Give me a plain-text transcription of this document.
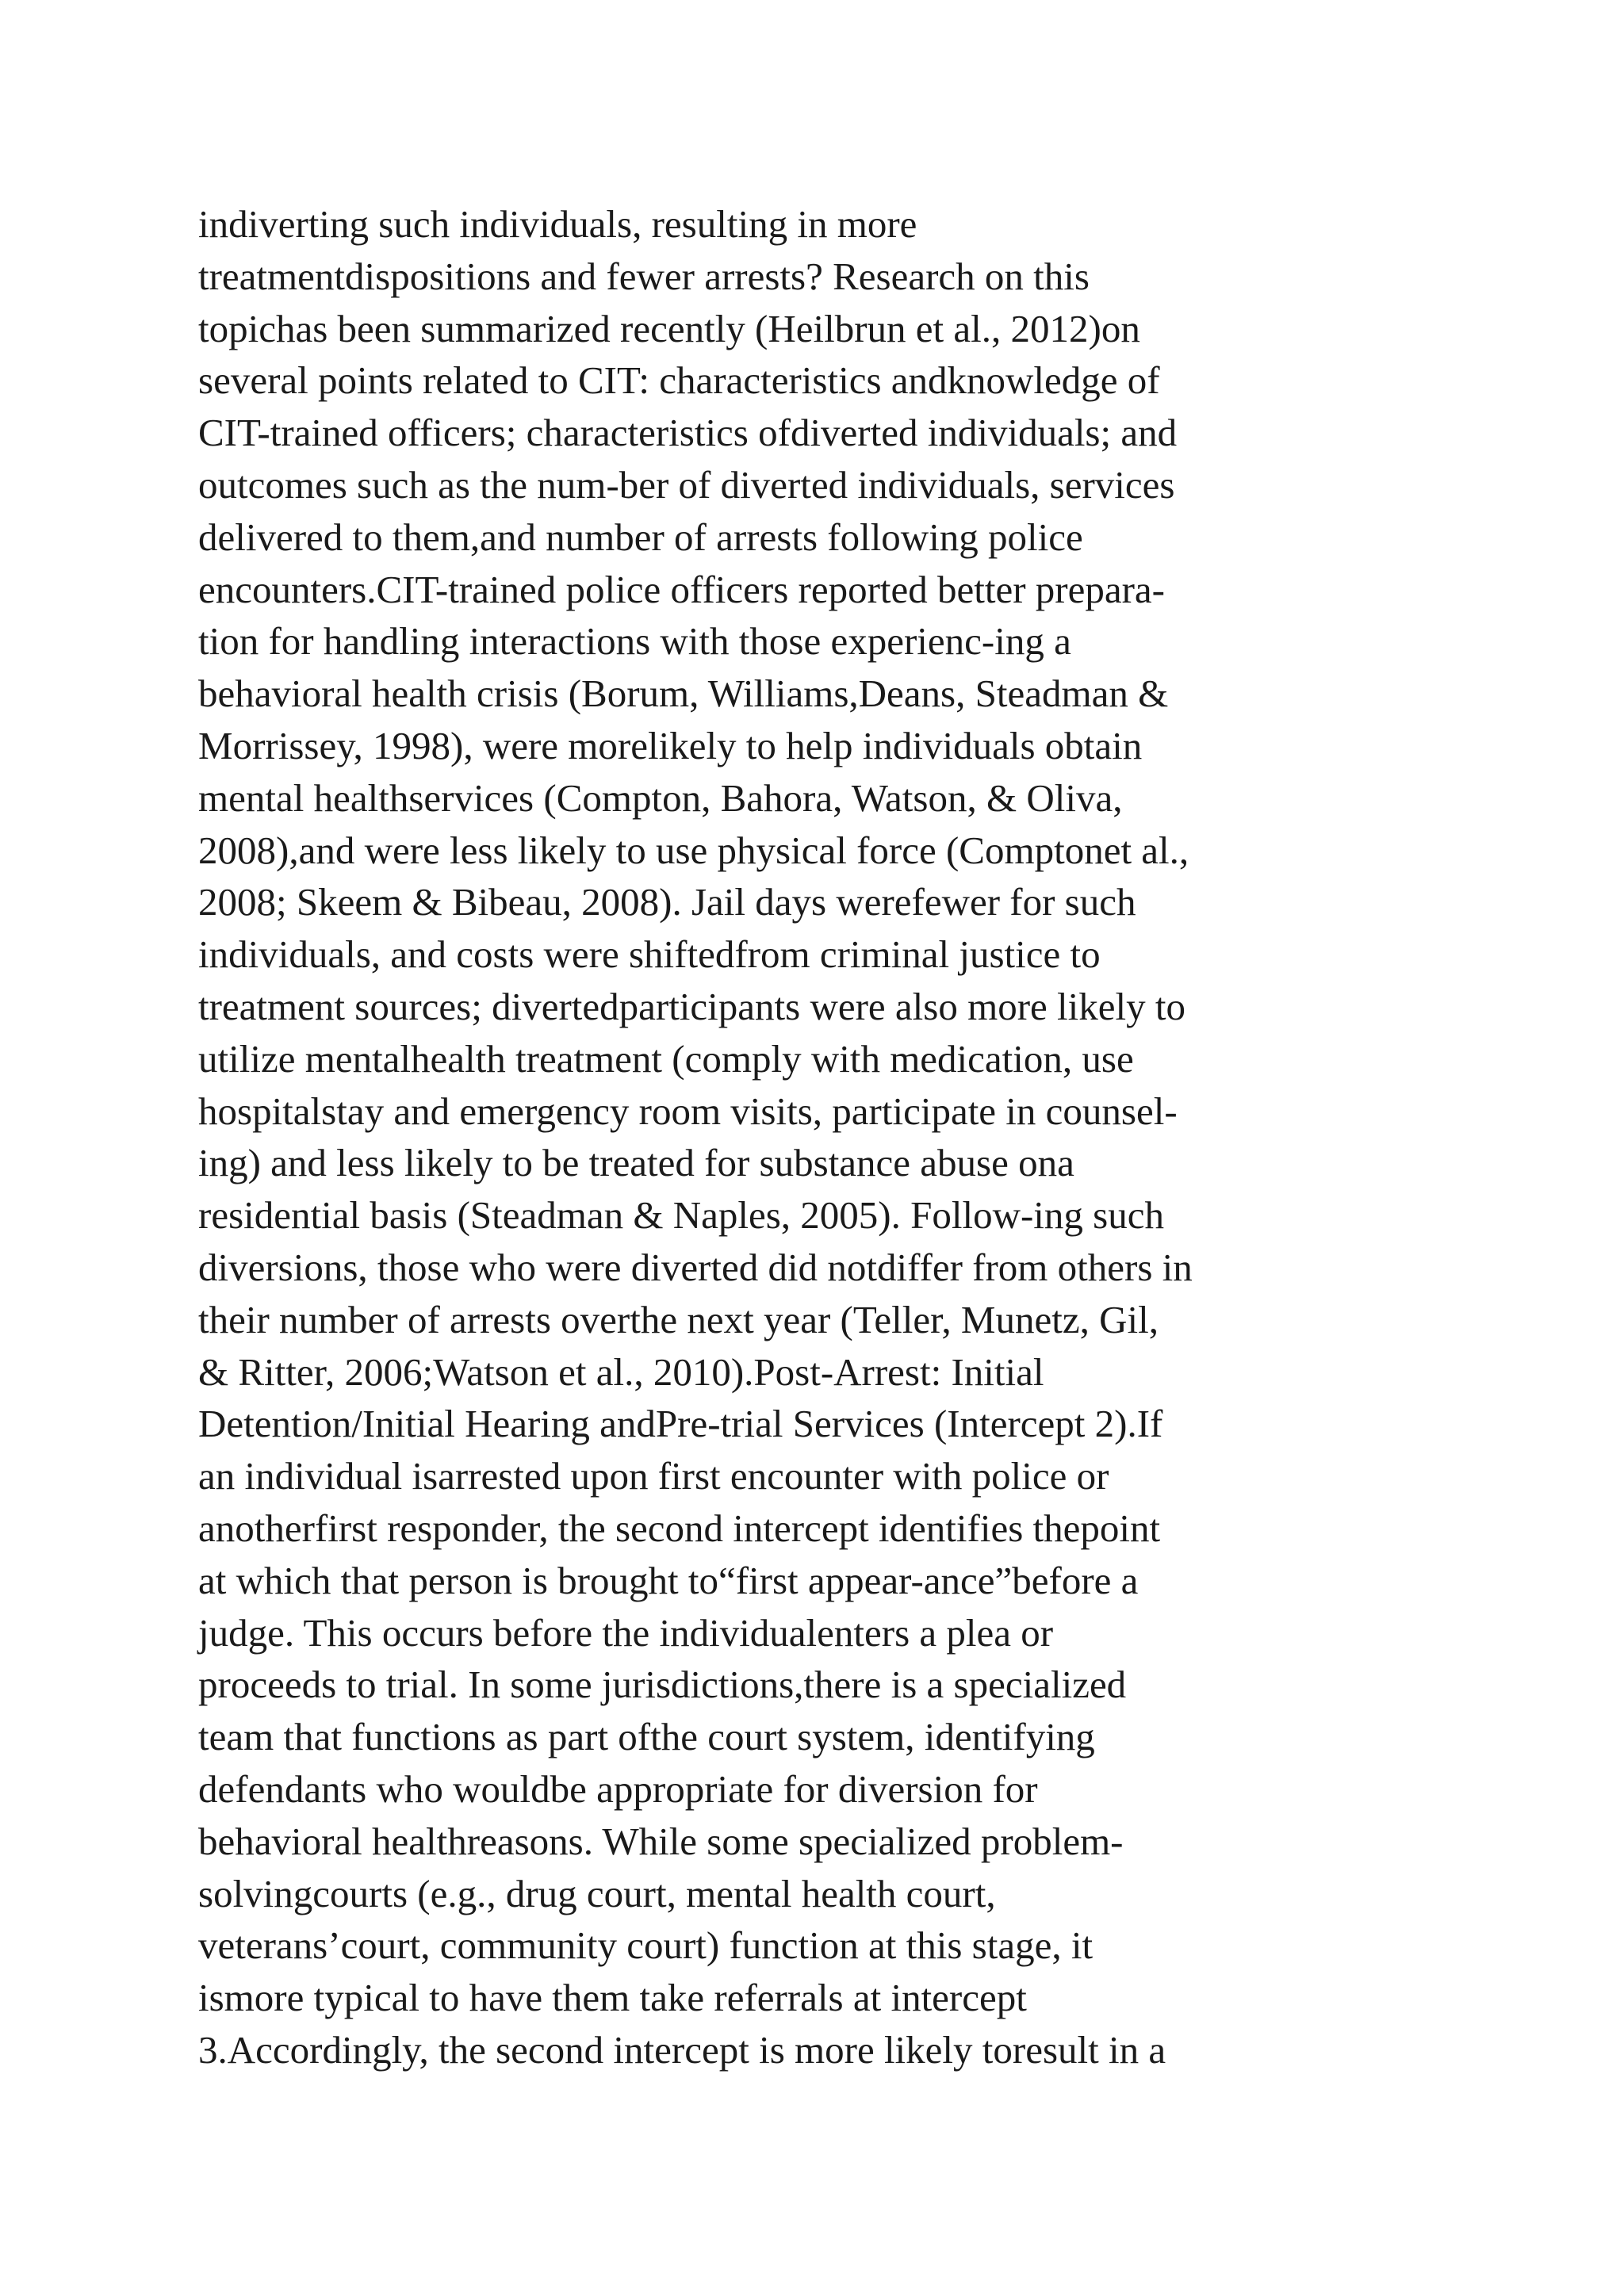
indiverting such individuals, resulting in more
treatmentdispositions and fewer arrests? Research on this
topichas been summarized recently (Heilbrun et al., 2012)on
several points related to CIT: characteristics andknowledge of
CIT-trained officers; characteristics ofdiverted individuals; and
outcomes such as the num-ber of diverted individuals, services
delivered to them,and number of arrests following police
encounters.CIT-trained police officers reported better prepara-
tion for handling interactions with those experienc-ing a
behavioral health crisis (Borum, Williams,Deans, Steadman &
Morrissey, 1998), were morelikely to help individuals obtain
mental healthservices (Compton, Bahora, Watson, & Oliva,
2008),and were less likely to use physical force (Comptonet al.,
2008; Skeem & Bibeau, 2008). Jail days werefewer for such
individuals, and costs were shiftedfrom criminal justice to
treatment sources; divertedparticipants were also more likely to
utilize mentalhealth treatment (comply with medication, use
hospitalstay and emergency room visits, participate in counsel-
ing) and less likely to be treated for substance abuse ona
residential basis (Steadman & Naples, 2005). Follow-ing such
diversions, those who were diverted did notdiffer from others in
their number of arrests overthe next year (Teller, Munetz, Gil,
& Ritter, 2006;Watson et al., 2010).Post-Arrest: Initial
Detention/Initial Hearing andPre-trial Services (Intercept 2).If
an individual isarrested upon first encounter with police or
anotherfirst responder, the second intercept identifies thepoint
at which that person is brought to“first appear-ance”before a
judge. This occurs before the individualenters a plea or
proceeds to trial. In some jurisdictions,there is a specialized
team that functions as part ofthe court system, identifying
defendants who wouldbe appropriate for diversion for
behavioral healthreasons. While some specialized problem-
solvingcourts (e.g., drug court, mental health court,
veterans’court, community court) function at this stage, it
ismore typical to have them take referrals at intercept
3.Accordingly, the second intercept is more likely toresult in a
